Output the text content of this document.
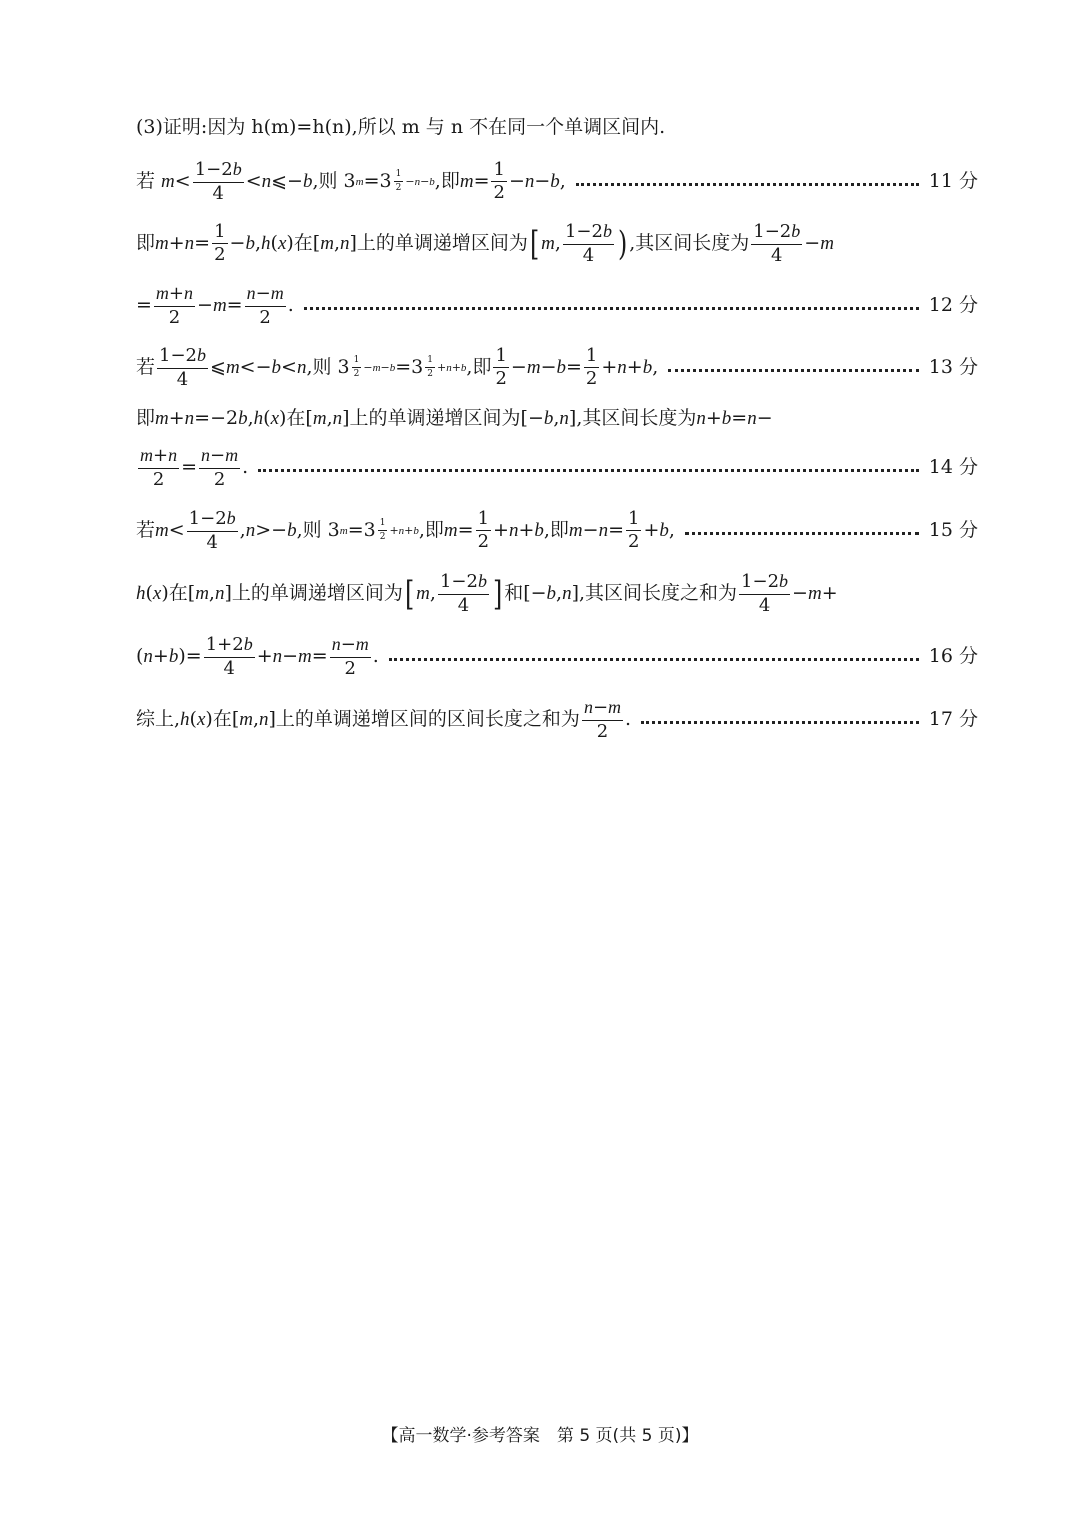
(3)证明:因为 h(m)=h(n),所以 m 与 n 不在同一个单调区间内.
若 $m < \frac{1-2b}{4} < n$ ⩽− b ,则 3 $m =3 \frac{1}{2} -n-b$ ,即 $m = \frac{1}{2} - n - b$ ,	11 分
即 $m + n = \frac{1}{2} - b$ , h ( x )在[ m , n ]上的单调递增区间为 [ m , $\frac{1-2b}{4}$ ) ,其区间长度为 $\frac{1-2b}{4} - m$
= $\frac{m+n}{2} - m = \frac{n-m}{2}$ .	12 分
若 $\frac{1-2b}{4}$ ⩽ m <− b < n ,则 $3 \frac{1}{2} -m-b =3 \frac{1}{2} +n+b$ ,即 $\frac{1}{2} - m - b = \frac{1}{2} + n + b$ ,	13 分
即 m + n =−2 b , h ( x )在[ m , n ]上的单调递增区间为[− b , n ],其区间长度为 n + b = n −
$\frac{m+n}{2} = \frac{n-m}{2}$ .	14 分
若 $m < \frac{1-2b}{4}$ , n >− b ,则 3 $m =3 \frac{1}{2} +n+b$ ,即 $m = \frac{1}{2} + n + b$ ,即 $m - n = \frac{1}{2} + b$ ,	15 分
h ( x )在[ m , n ]上的单调递增区间为 [ m , $\frac{1-2b}{4}$ ] 和[− b , n ],其区间长度之和为 $\frac{1-2b}{4} - m$ +
( n + b )= $\frac{1+2b}{4} + n - m = \frac{n-m}{2}$ .	16 分
综上, h ( x )在[ m , n ]上的单调递增区间的区间长度之和为 $\frac{n-m}{2}$ .	17 分
【高一数学·参考答案　第 5 页(共 5 页)】
